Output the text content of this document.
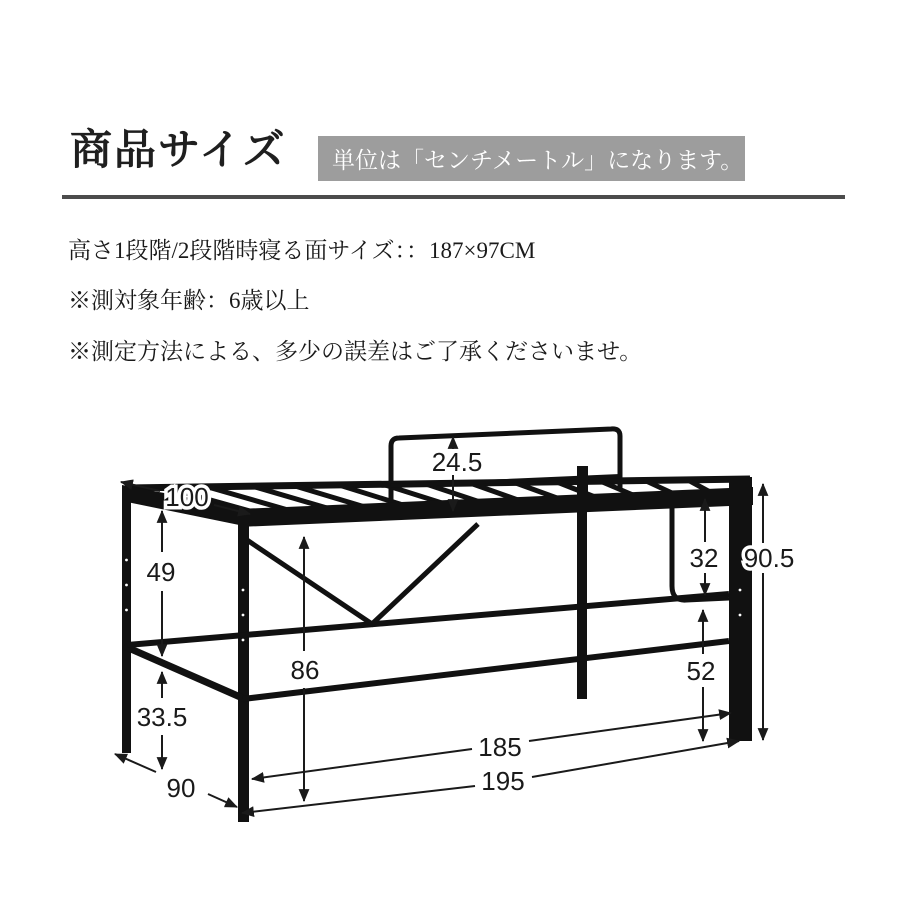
商品サイズ	単位は「センチメートル」になります。

高さ1段階/2段階時寝る面サイズ：：187×97CM

※測対象年齢：6歳以上

※測定方法による、多少の誤差はご了承くださいませ。

24.5
100
49
33.5
90
86
32
52
90.5
185
195
